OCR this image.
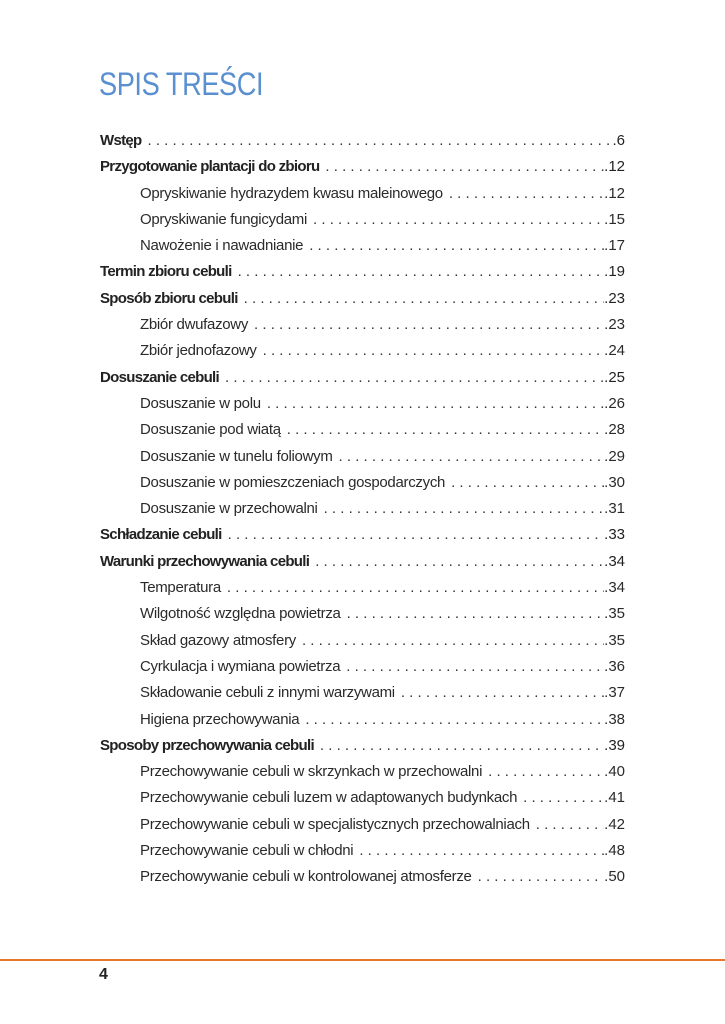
SPIS TREŚCI
Wstęp . . .	. 6
Przygotowanie plantacji do zbioru . . .	. 12
Opryskiwanie hydrazydem kwasu maleinowego . . .	. 12
Opryskiwanie fungicydami . . .	. 15
Nawożenie i nawadnianie . . .	. 17
Termin zbioru cebuli . . .	. 19
Sposób zbioru cebuli . . .	. 23
Zbiór dwufazowy . . .	. 23
Zbiór jednofazowy . . .	. 24
Dosuszanie cebuli . . .	. 25
Dosuszanie w polu . . .	. 26
Dosuszanie pod wiatą . . .	. 28
Dosuszanie w tunelu foliowym . . .	. 29
Dosuszanie w pomieszczeniach gospodarczych . . .	. 30
Dosuszanie w przechowalni . . .	. 31
Schładzanie cebuli . . .	. 33
Warunki przechowywania cebuli . . .	. 34
Temperatura . . .	. 34
Wilgotność względna powietrza . . .	. 35
Skład gazowy atmosfery . . .	. 35
Cyrkulacja i wymiana powietrza . . .	. 36
Składowanie cebuli z innymi warzywami . . .	. 37
Higiena przechowywania . . .	. 38
Sposoby przechowywania cebuli . . .	. 39
Przechowywanie cebuli w skrzynkach w przechowalni . . .	. 40
Przechowywanie cebuli luzem w adaptowanych budynkach . . .	. 41
Przechowywanie cebuli w specjalistycznych przechowalniach . . .	. 42
Przechowywanie cebuli w chłodni . . .	. 48
Przechowywanie cebuli w kontrolowanej atmosferze . . .	. 50
4
